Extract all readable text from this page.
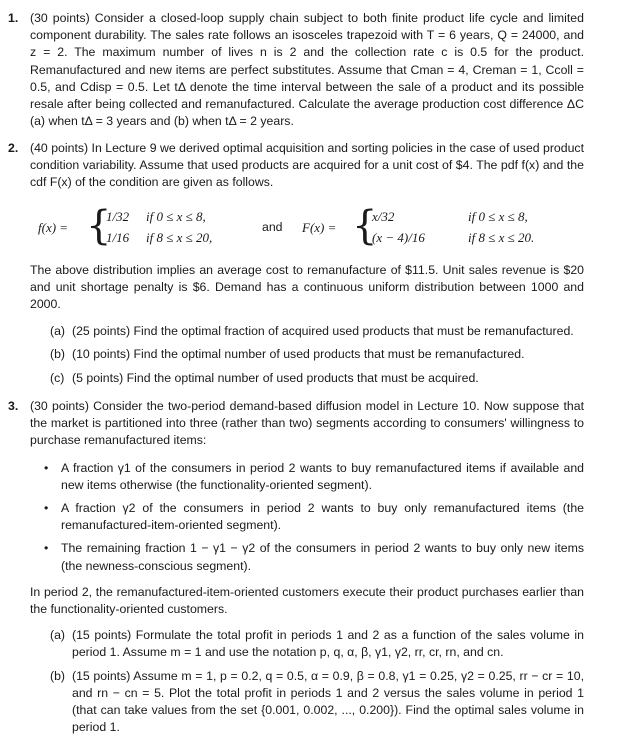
1. (30 points) Consider a closed-loop supply chain subject to both finite product life cycle and limited component durability. The sales rate follows an isosceles trapezoid with T = 6 years, Q = 24000, and z = 2. The maximum number of lives n is 2 and the collection rate c is 0.5 for the product. Remanufactured and new items are perfect substitutes. Assume that Cman = 4, Creman = 1, Ccoll = 0.5, and Cdisp = 0.5. Let tΔ denote the time interval between the sale of a product and its possible resale after being collected and remanufactured. Calculate the average production cost difference ΔC (a) when tΔ = 3 years and (b) when tΔ = 2 years.

2. (40 points) In Lecture 9 we derived optimal acquisition and sorting policies in the case of used product condition variability. Assume that used products are acquired for a unit cost of $4. The pdf f(x) and the cdf F(x) of the condition are given as follows.

f(x) = {
1/32 if 0 ≤ x ≤ 8,
1/16 if 8 ≤ x ≤ 20,
and F(x) = {
x/32	if 0 ≤ x ≤ 8,
(x − 4)/16	if 8 ≤ x ≤ 20.

The above distribution implies an average cost to remanufacture of $11.5. Unit sales revenue is $20 and unit shortage penalty is $6. Demand has a continuous uniform distribution between 1000 and 2000.

(a) (25 points) Find the optimal fraction of acquired used products that must be remanufactured.
(b) (10 points) Find the optimal number of used products that must be remanufactured.
(c) (5 points) Find the optimal number of used products that must be acquired.
3. (30 points) Consider the two-period demand-based diffusion model in Lecture 10. Now suppose that the market is partitioned into three (rather than two) segments according to consumers' willingness to purchase remanufactured items:

• A fraction γ1 of the consumers in period 2 wants to buy remanufactured items if available and new items otherwise (the functionality-oriented segment).
• A fraction γ2 of the consumers in period 2 wants to buy only remanufactured items (the remanufactured-item-oriented segment).
• The remaining fraction 1 − γ1 − γ2 of the consumers in period 2 wants to buy only new items (the newness-conscious segment).

In period 2, the remanufactured-item-oriented customers execute their product purchases earlier than the functionality-oriented customers.

(a) (15 points) Formulate the total profit in periods 1 and 2 as a function of the sales volume in period 1. Assume m = 1 and use the notation p, q, α, β, γ1, γ2, rr, cr, rn, and cn.
(b) (15 points) Assume m = 1, p = 0.2, q = 0.5, α = 0.9, β = 0.8, γ1 = 0.25, γ2 = 0.25, rr − cr = 10, and rn − cn = 5. Plot the total profit in periods 1 and 2 versus the sales volume in period 1 (that can take values from the set {0.001, 0.002, ..., 0.200}). Find the optimal sales volume in period 1.
